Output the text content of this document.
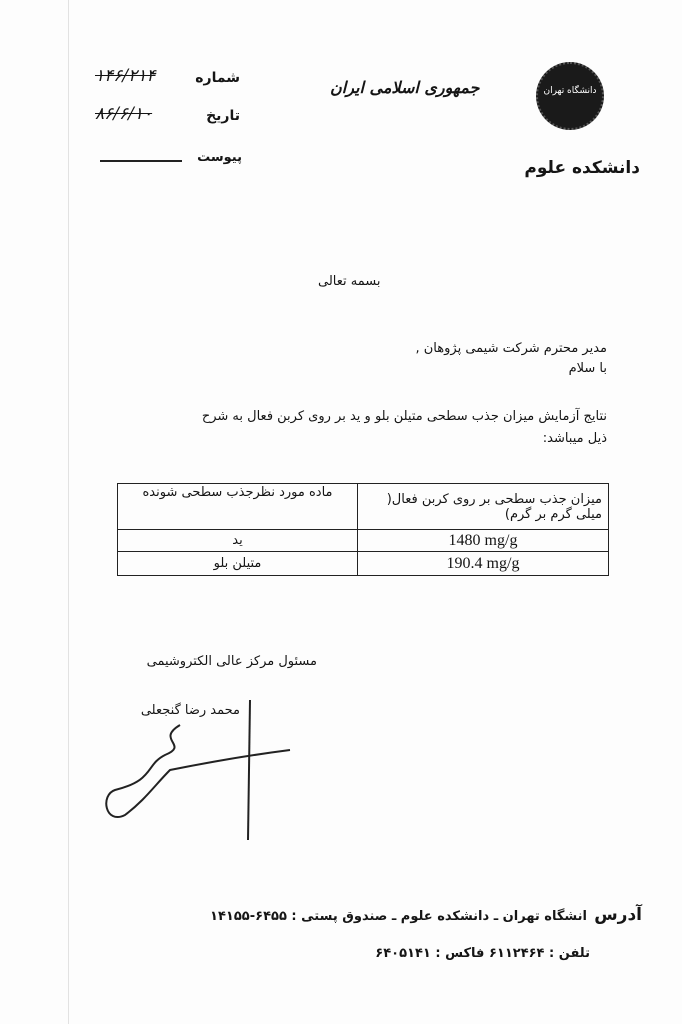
دانشگاه تهران
دانشکده علوم
جمهوری اسلامی ایران
شماره
۱۴۶/۲۱۴
تاریخ
۸۶/۶/۱۰
پیوست
بسمه تعالی
مدیر محترم شرکت شیمی پژوهان ,
با سلام
نتایج آزمایش میزان جذب سطحی متیلن بلو و ید بر روی کربن فعال به شرح
ذیل میباشد:
میزان جذب سطحی بر روی کربن فعال( میلی گرم بر گرم)	ماده مورد نظرجذب سطحی شونده
1480 mg/g	ید
190.4 mg/g	متیلن بلو
مسئول مرکز عالی الکتروشیمی
محمد رضا گنجعلی
آدرس
انشگاه تهران ـ دانشکده علوم ـ صندوق پستی : ۶۴۵۵-۱۴۱۵۵
تلفن : ۶۱۱۲۴۶۴ فاکس : ۶۴۰۵۱۴۱
